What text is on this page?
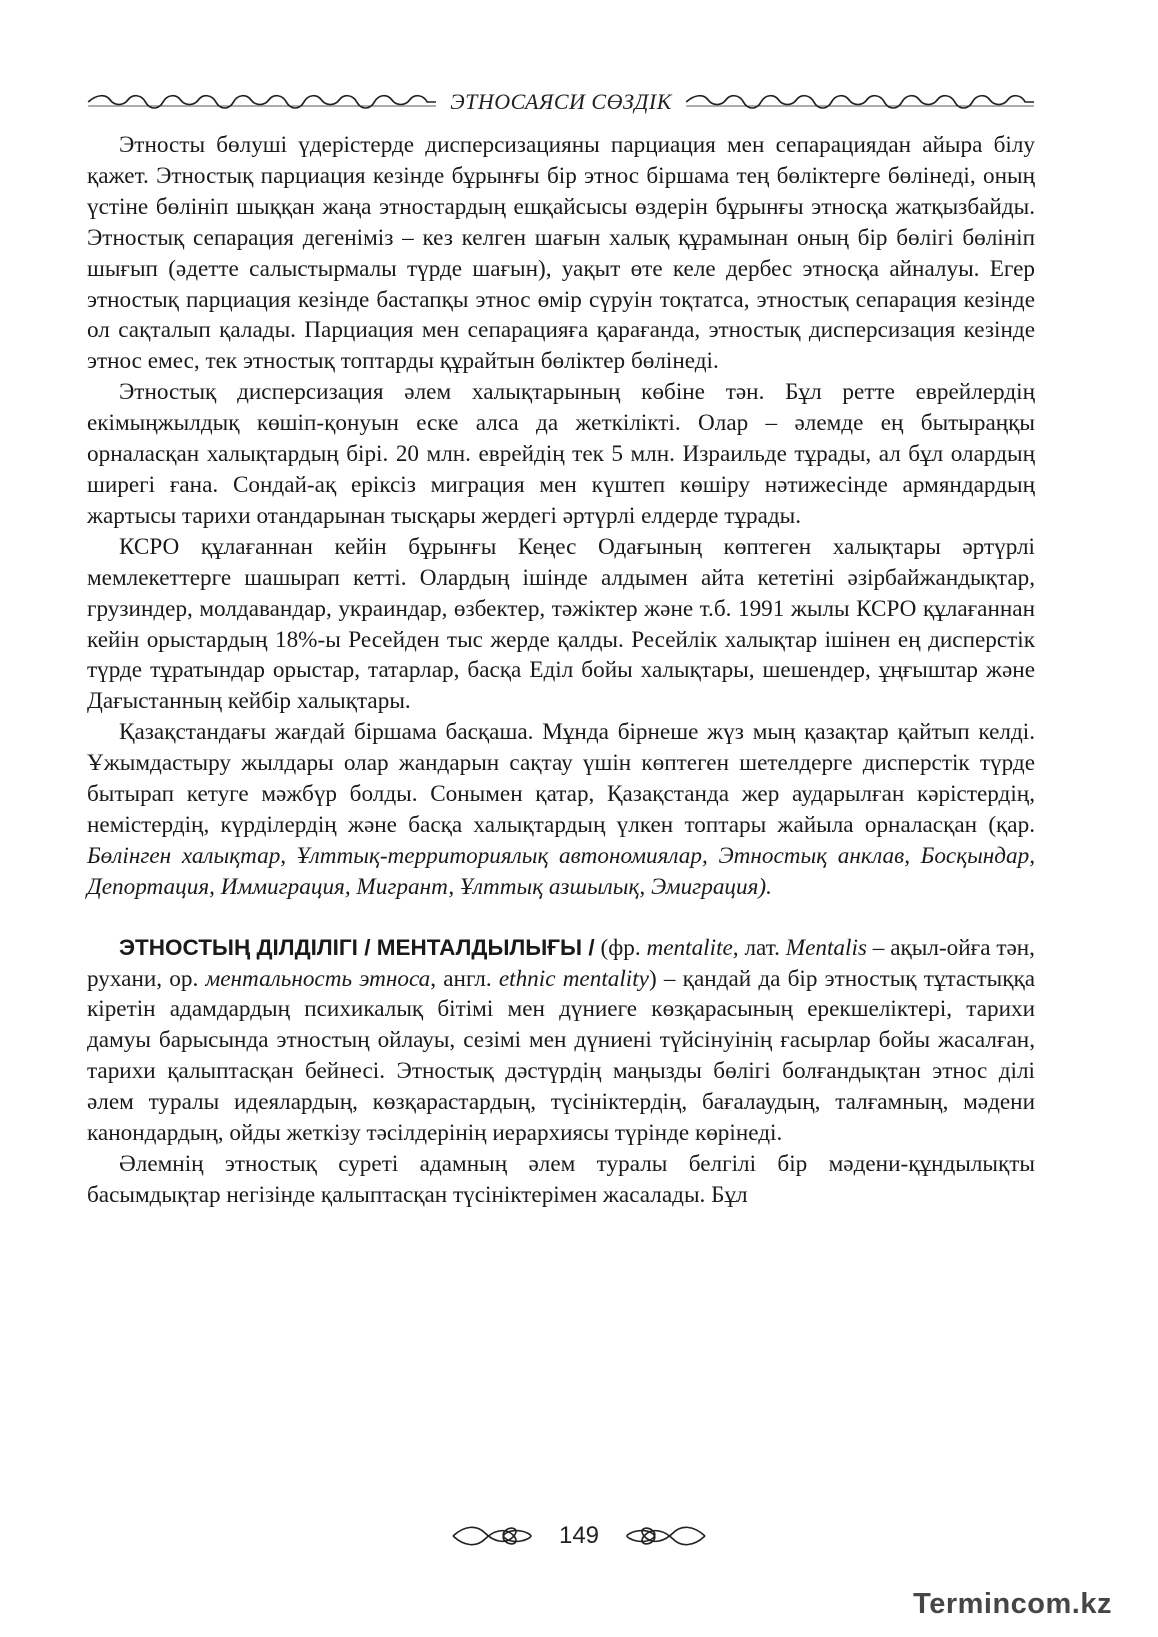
ЭТНОСАЯСИ СӨЗДІК

Этносты бөлуші үдерістерде дисперсизацияны парциация мен сепарациядан айыра білу қажет. Этностық парциация кезінде бұрынғы бір этнос біршама тең бөліктерге бөлінеді, оның үстіне бөлініп шыққан жаңа этностардың ешқайсысы өздерін бұрынғы этносқа жатқызбайды. Этностық сепарация дегеніміз – кез келген шағын халық құрамынан оның бір бөлігі бөлініп шығып (әдетте салыстырмалы түрде шағын), уақыт өте келе дербес этносқа айналуы. Егер этностық парциация кезінде бастапқы этнос өмір сүруін тоқтатса, этностық сепарация кезінде ол сақталып қалады. Парциация мен сепарацияға қарағанда, этностық дисперсизация кезінде этнос емес, тек этностық топтарды құрайтын бөліктер бөлінеді.

Этностық дисперсизация әлем халықтарының көбіне тән. Бұл ретте еврейлердің екімыңжылдық көшіп-қонуын еске алса да жеткілікті. Олар – әлемде ең бытыраңқы орналасқан халықтардың бірі. 20 млн. еврейдің тек 5 млн. Израильде тұрады, ал бұл олардың ширегі ғана. Сондай-ақ еріксіз миграция мен күштеп көшіру нәтижесінде армяндардың жартысы тарихи отандарынан тысқары жердегі әртүрлі елдерде тұрады.

КСРО құлағаннан кейін бұрынғы Кеңес Одағының көптеген халықтары әртүрлі мемлекеттерге шашырап кетті. Олардың ішінде алдымен айта кететіні әзірбайжандықтар, грузиндер, молдавандар, украиндар, өзбектер, тәжіктер және т.б. 1991 жылы КСРО құлағаннан кейін орыстардың 18%-ы Ресейден тыс жерде қалды. Ресейлік халықтар ішінен ең дисперстік түрде тұратындар орыстар, татарлар, басқа Еділ бойы халықтары, шешендер, ұңғыштар және Дағыстанның кейбір халықтары.

Қазақстандағы жағдай біршама басқаша. Мұнда бірнеше жүз мың қазақтар қайтып келді. Ұжымдастыру жылдары олар жандарын сақтау үшін көптеген шетелдерге дисперстік түрде бытырап кетуге мәжбүр болды. Сонымен қатар, Қазақстанда жер аударылған кәрістердің, немістердің, күрділердің және басқа халықтардың үлкен топтары жайыла орналасқан (қар. Бөлінген халықтар, Ұлттық-территориялық автономиялар, Этностық анклав, Босқындар, Депортация, Иммиграция, Мигрант, Ұлттық азшылық, Эмиграция).

ЭТНОСТЫҢ ДІЛДІЛІГІ / МЕНТАЛДЫЛЫҒЫ / (фр. mentalite, лат. Mentalis – ақыл-ойға тән, рухани, ор. ментальность этноса, англ. ethnic mentality) – қандай да бір этностық тұтастыққа кіретін адамдардың психикалық бітімі мен дүниеге көзқарасының ерекшеліктері, тарихи дамуы барысында этностың ойлауы, сезімі мен дүниені түйсінуінің ғасырлар бойы жасалған, тарихи қалыптасқан бейнесі. Этностық дәстүрдің маңызды бөлігі болғандықтан этнос ділі әлем туралы идеялардың, көзқарастардың, түсініктердің, бағалаудың, талғамның, мәдени канондардың, ойды жеткізу тәсілдерінің иерархиясы түрінде көрінеді.

Әлемнің этностық суреті адамның әлем туралы белгілі бір мәдени-құндылықты басымдықтар негізінде қалыптасқан түсініктерімен жасалады. Бұл

149
Termincom.kz
